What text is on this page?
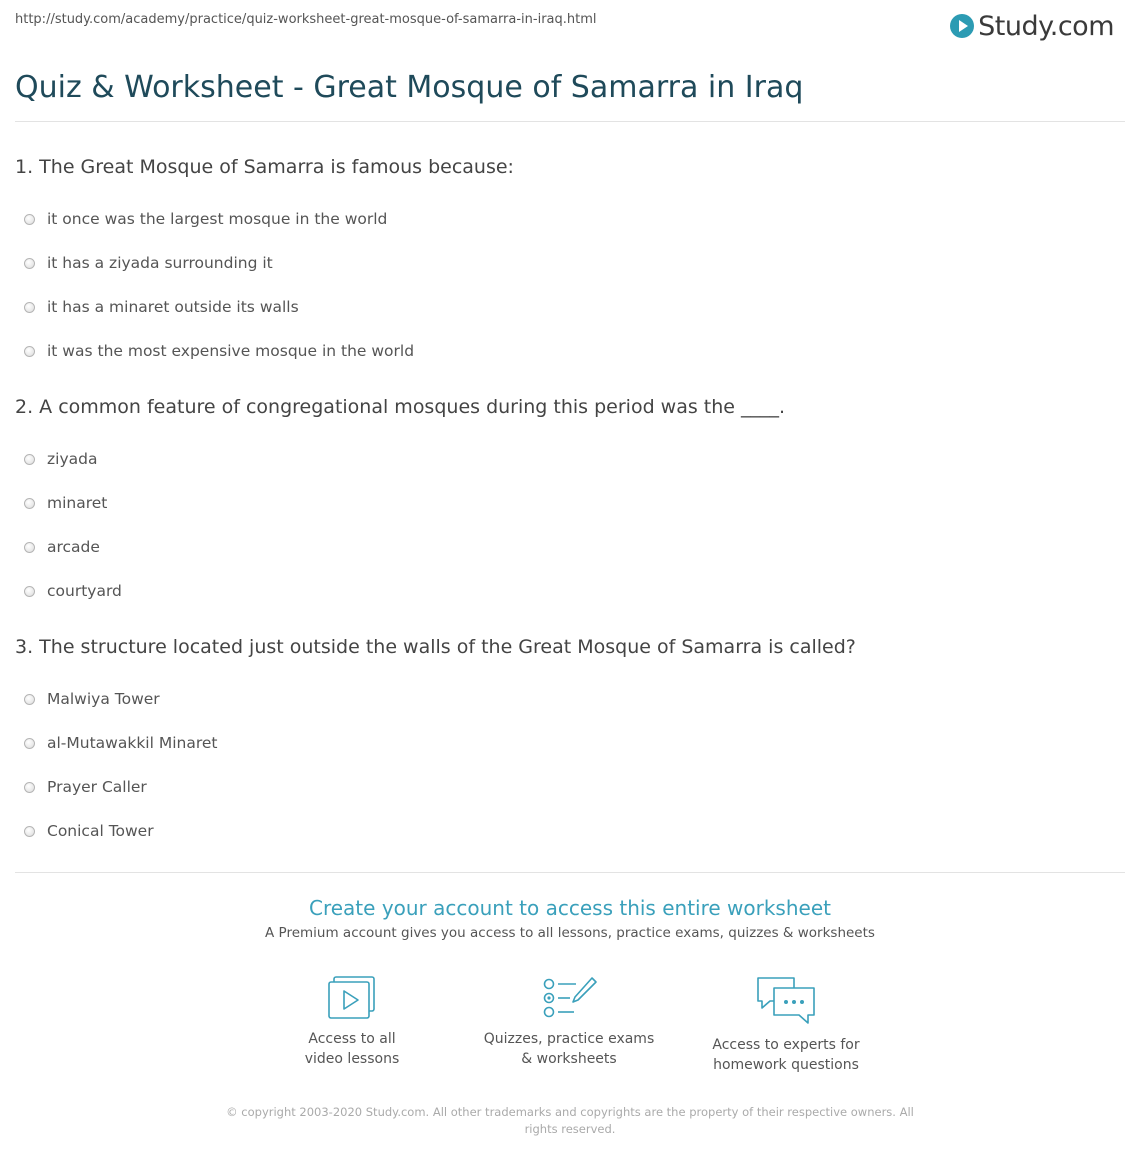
http://study.com/academy/practice/quiz-worksheet-great-mosque-of-samarra-in-iraq.html	Study.com
Quiz & Worksheet - Great Mosque of Samarra in Iraq
1. The Great Mosque of Samarra is famous because:
it once was the largest mosque in the world
it has a ziyada surrounding it
it has a minaret outside its walls
it was the most expensive mosque in the world
2. A common feature of congregational mosques during this period was the ____.
ziyada
minaret
arcade
courtyard
3. The structure located just outside the walls of the Great Mosque of Samarra is called?
Malwiya Tower
al-Mutawakkil Minaret
Prayer Caller
Conical Tower
Create your account to access this entire worksheet
A Premium account gives you access to all lessons, practice exams, quizzes & worksheets
Access to all
video lessons
Quizzes, practice exams
& worksheets
Access to experts for
homework questions
© copyright 2003-2020 Study.com. All other trademarks and copyrights are the property of their respective owners. All rights reserved.
